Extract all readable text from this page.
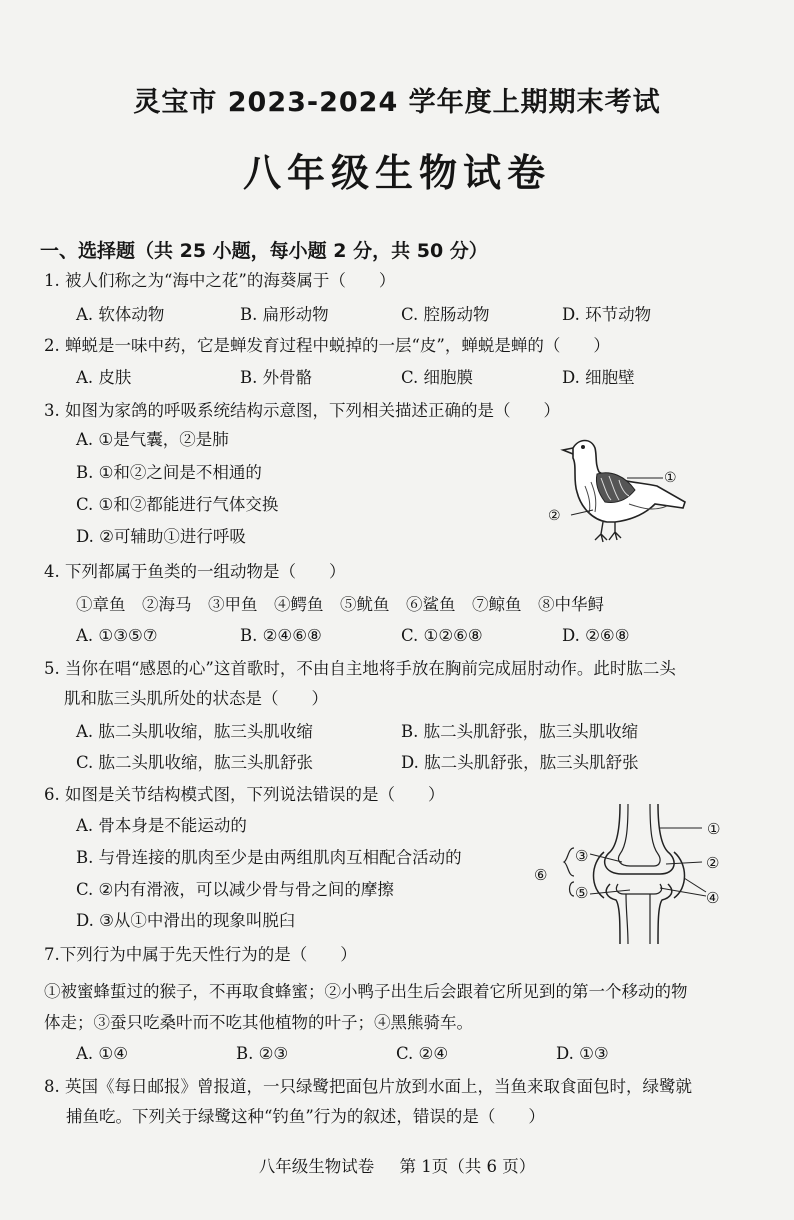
灵宝市 2023-2024 学年度上期期末考试
八年级生物试卷
一、选择题（共 25 小题，每小题 2 分，共 50 分）
1. 被人们称之为“海中之花”的海葵属于（　　）
A. 软体动物	B. 扁形动物	C. 腔肠动物	D. 环节动物
2. 蝉蜕是一味中药，它是蝉发育过程中蜕掉的一层“皮”，蝉蜕是蝉的（　　）
A. 皮肤	B. 外骨骼	C. 细胞膜	D. 细胞壁
3. 如图为家鸽的呼吸系统结构示意图，下列相关描述正确的是（　　）
A. ①是气囊，②是肺
B. ①和②之间是不相通的
C. ①和②都能进行气体交换
D. ②可辅助①进行呼吸
①
②
4. 下列都属于鱼类的一组动物是（　　）
①章鱼　②海马　③甲鱼　④鳄鱼　⑤鱿鱼　⑥鲨鱼　⑦鲸鱼　⑧中华鲟
A. ①③⑤⑦	B. ②④⑥⑧	C. ①②⑥⑧	D. ②⑥⑧
5. 当你在唱“感恩的心”这首歌时，不由自主地将手放在胸前完成屈肘动作。此时肱二头
肌和肱三头肌所处的状态是（　　）
A. 肱二头肌收缩，肱三头肌收缩	B. 肱二头肌舒张，肱三头肌收缩
C. 肱二头肌收缩，肱三头肌舒张	D. 肱二头肌舒张，肱三头肌舒张
6. 如图是关节结构模式图，下列说法错误的是（　　）
A. 骨本身是不能运动的
B. 与骨连接的肌肉至少是由两组肌肉互相配合活动的
C. ②内有滑液，可以减少骨与骨之间的摩擦
D. ③从①中滑出的现象叫脱臼
①
②
③
④
⑤
⑥
7.下列行为中属于先天性行为的是（　　）
①被蜜蜂蜇过的猴子，不再取食蜂蜜；②小鸭子出生后会跟着它所见到的第一个移动的物
体走；③蚕只吃桑叶而不吃其他植物的叶子；④黑熊骑车。
A. ①④	B. ②③	C. ②④	D. ①③
8. 英国《每日邮报》曾报道，一只绿鹭把面包片放到水面上，当鱼来取食面包时，绿鹭就
捕鱼吃。下列关于绿鹭这种“钓鱼”行为的叙述，错误的是（　　）
八年级生物试卷 第 1页（共 6 页）
